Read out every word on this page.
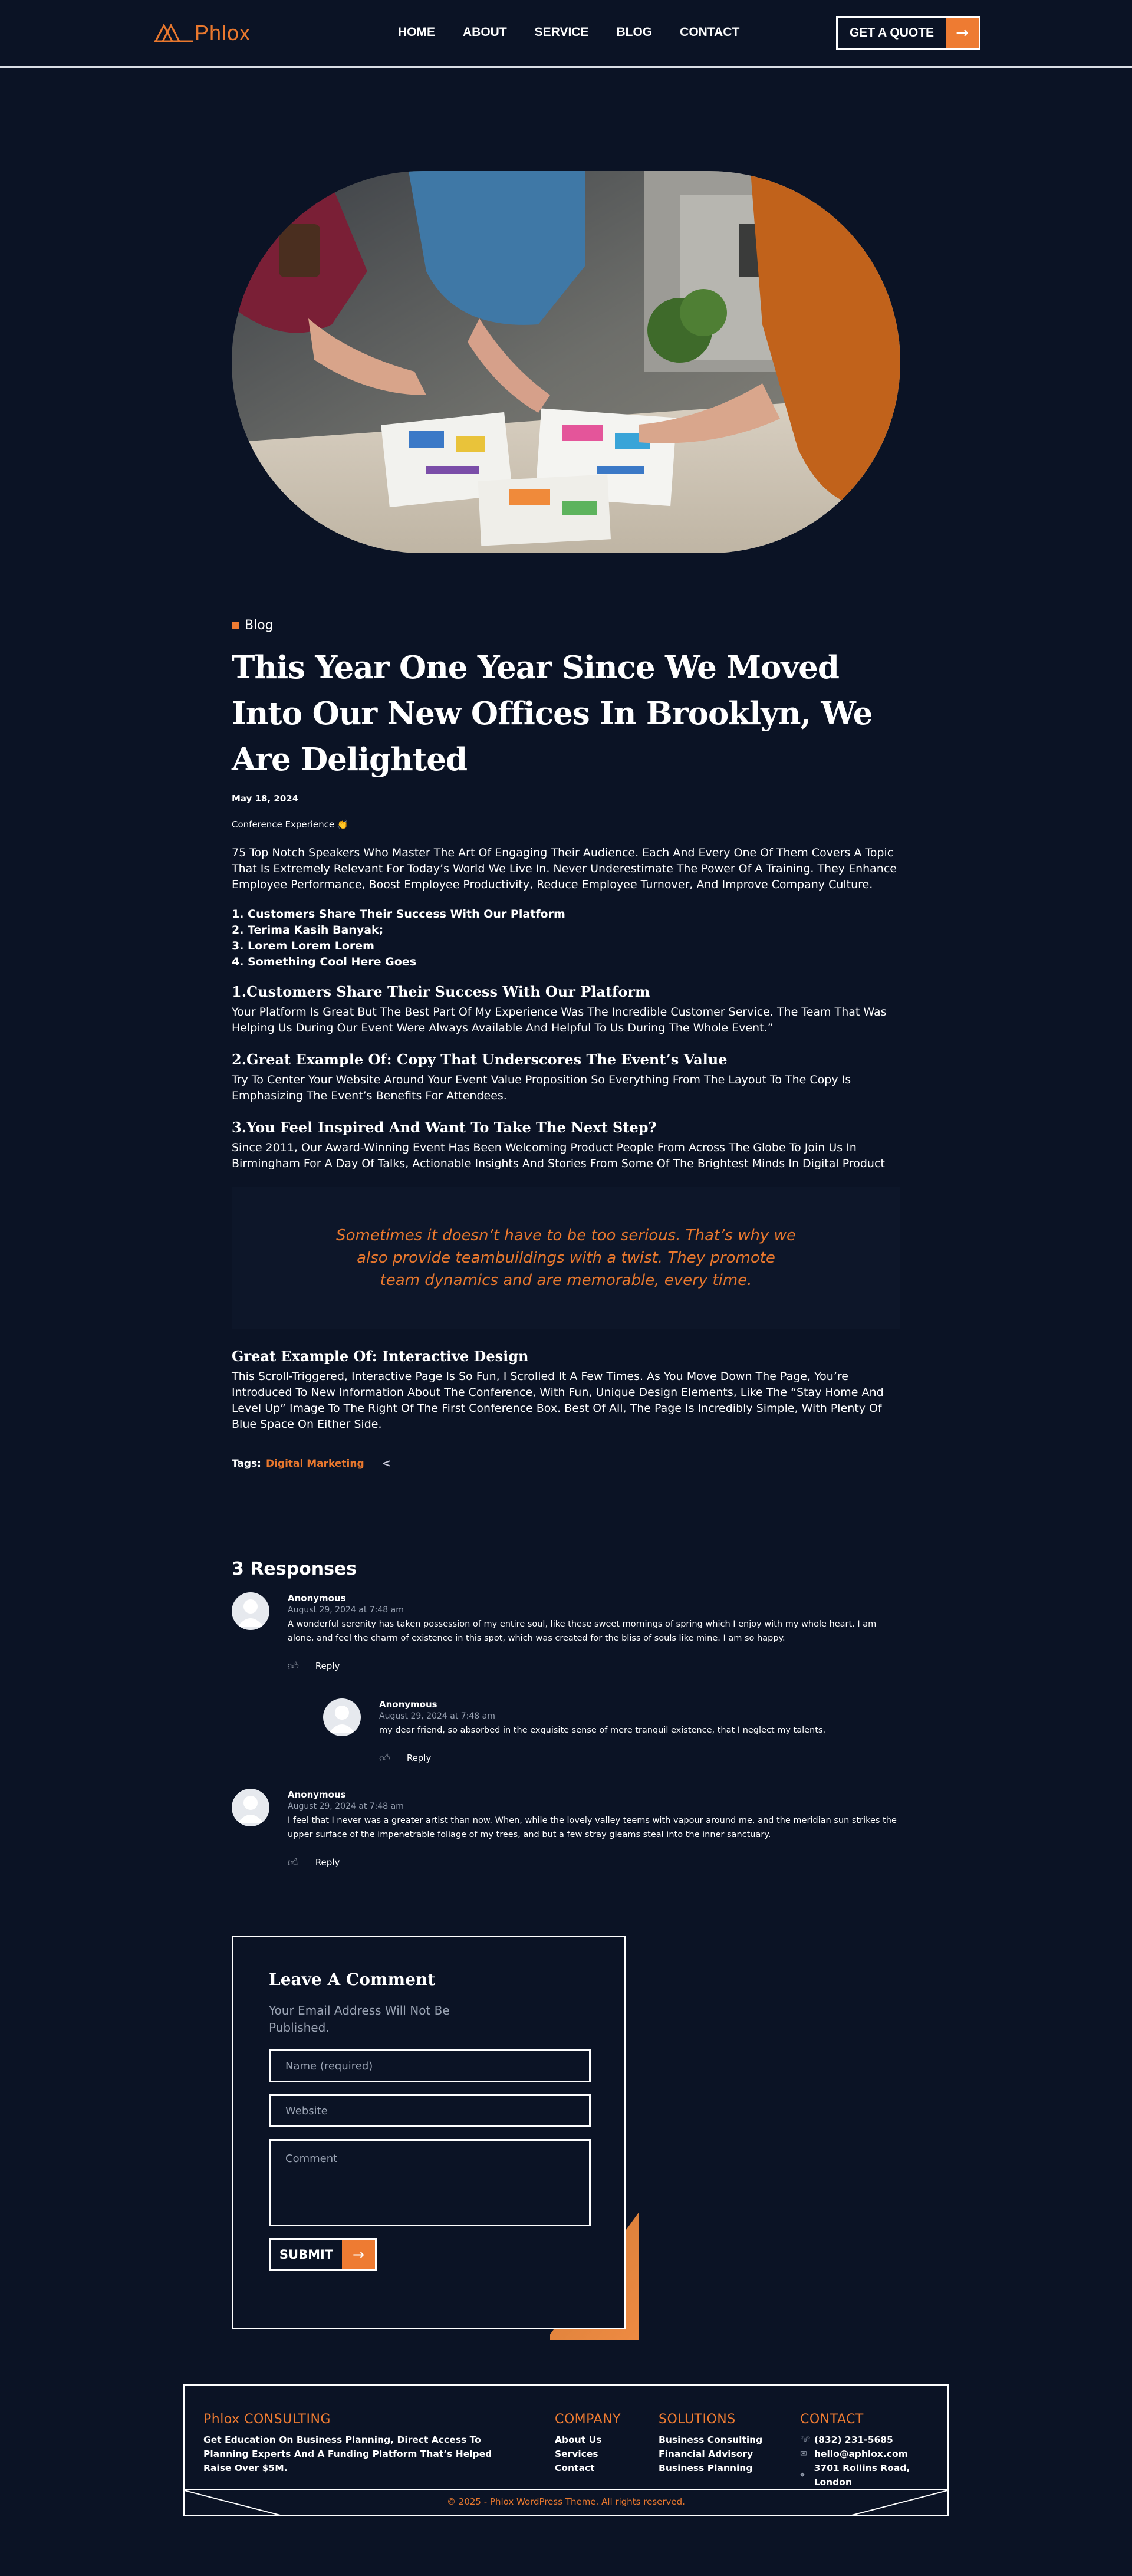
Phlox	HOME ABOUT SERVICE BLOG CONTACT	GET A QUOTE	→
Blog
This Year One Year Since We Moved Into Our New Offices In Brooklyn, We Are Delighted
May 18, 2024
Conference Experience 👏

75 Top Notch Speakers Who Master The Art Of Engaging Their Audience. Each And Every One Of Them Covers A Topic That Is Extremely Relevant For Today’s World We Live In. Never Underestimate The Power Of A Training. They Enhance Employee Performance, Boost Employee Productivity, Reduce Employee Turnover, And Improve Company Culture.

1. Customers Share Their Success With Our Platform
2. Terima Kasih Banyak;
3. Lorem Lorem Lorem
4. Something Cool Here Goes
1.Customers Share Their Success With Our Platform

Your Platform Is Great But The Best Part Of My Experience Was The Incredible Customer Service. The Team That Was Helping Us During Our Event Were Always Available And Helpful To Us During The Whole Event.”

2.Great Example Of: Copy That Underscores The Event’s Value

Try To Center Your Website Around Your Event Value Proposition So Everything From The Layout To The Copy Is Emphasizing The Event’s Benefits For Attendees.

3.You Feel Inspired And Want To Take The Next Step?

Since 2011, Our Award-Winning Event Has Been Welcoming Product People From Across The Globe To Join Us In Birmingham For A Day Of Talks, Actionable Insights And Stories From Some Of The Brightest Minds In Digital Product

Sometimes it doesn’t have to be too serious. That’s why we also provide teambuildings with a twist. They promote team dynamics and are memorable, every time.

Great Example Of: Interactive Design

This Scroll-Triggered, Interactive Page Is So Fun, I Scrolled It A Few Times. As You Move Down The Page, You’re Introduced To New Information About The Conference, With Fun, Unique Design Elements, Like The “Stay Home And Level Up” Image To The Right Of The First Conference Box. Best Of All, The Page Is Incredibly Simple, With Plenty Of Blue Space On Either Side.

Tags: Digital Marketing <
3 Responses
Anonymous
August 29, 2024 at 7:48 am
A wonderful serenity has taken possession of my entire soul, like these sweet mornings of spring which I enjoy with my whole heart. I am alone, and feel the charm of existence in this spot, which was created for the bliss of souls like mine. I am so happy.
👍︎ Reply
Anonymous
August 29, 2024 at 7:48 am
my dear friend, so absorbed in the exquisite sense of mere tranquil existence, that I neglect my talents.
👍︎ Reply
Anonymous
August 29, 2024 at 7:48 am
I feel that I never was a greater artist than now. When, while the lovely valley teems with vapour around me, and the meridian sun strikes the upper surface of the impenetrable foliage of my trees, and but a few stray gleams steal into the inner sanctuary.
👍︎ Reply
Leave A Comment
Your Email Address Will Not Be Published.
Name (required)
Website
Comment
SUBMIT	→
Phlox CONSULTING
Get Education On Business Planning, Direct Access To Planning Experts And A Funding Platform That’s Helped Raise Over $5M.
COMPANY
About Us
Services
Contact
SOLUTIONS
Business Consulting
Financial Advisory
Business Planning
CONTACT
☏ (832) 231-5685
✉ hello@aphlox.com
⌖
3701 Rollins Road, London
© 2025 - Phlox WordPress Theme. All rights reserved.
